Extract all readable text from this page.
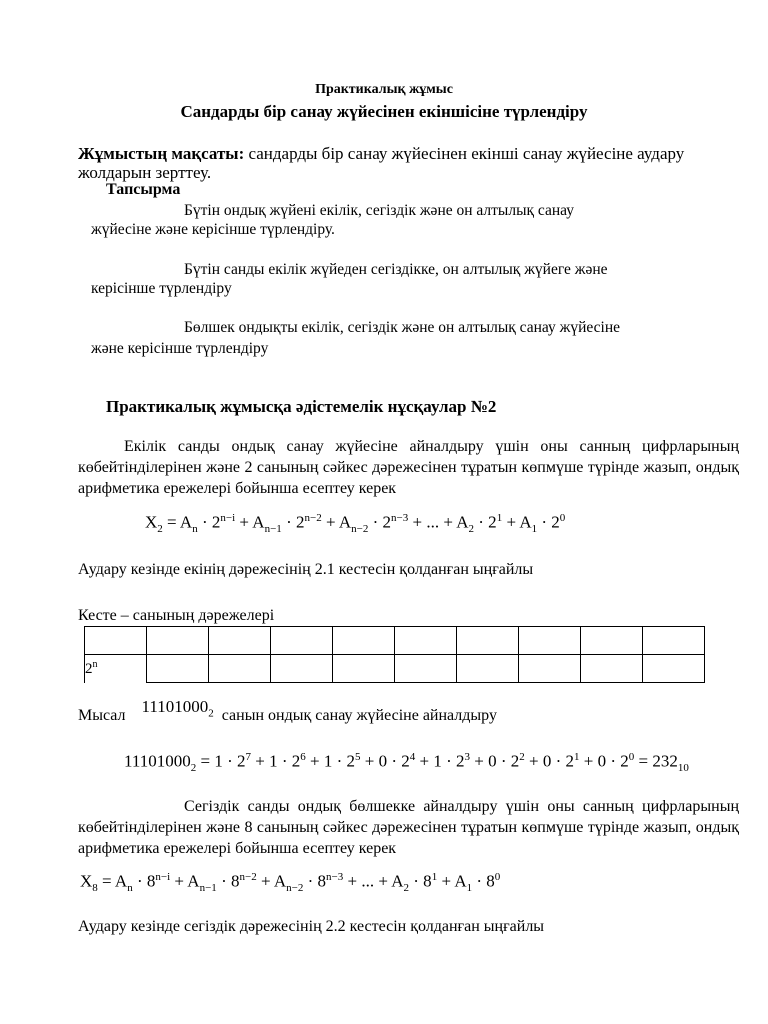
Практикалық жұмыс
Сандарды бір санау жүйесінен екіншісіне түрлендіру
Жұмыстың мақсаты: сандарды бір санау жүйесінен екінші санау жүйесіне аудару
жолдарын зерттеу.
Тапсырма
Бүтін ондық жүйені екілік, сегіздік және он алтылық санау
жүйесіне және керісінше түрлендіру.
Бүтін санды екілік жүйеден сегіздікке, он алтылық жүйеге және
керісінше түрлендіру
Бөлшек ондықты екілік, сегіздік және он алтылық санау жүйесіне
және керісінше түрлендіру
Практикалық жұмысқа әдістемелік нұсқаулар №2
Екілік санды ондық санау жүйесіне айналдыру үшін оны санның цифрларының көбейтінділерінен және 2 санының сәйкес дәрежесінен тұратын көпмүше түрінде жазып, ондық арифметика ережелері бойынша есептеу керек
$X_2 = A_n \cdot 2^{n-i} + A_{n-1} \cdot 2^{n-2} + A_{n-2} \cdot 2^{n-3}$ + ... + $A_2 \cdot 2^1 + A_1 \cdot 2^0$
Аудару кезінде екінің дәрежесінің 2.1 кестесін қолданған ыңғайлы
Кесте – санының дәрежелері

2$^n$									
Мысал $11101000_2$ санын ондық санау жүйесіне айналдыру
$11101000_2 = 1 \cdot 2^7 + 1 \cdot 2^6 + 1 \cdot 2^5 + 0 \cdot 2^4 + 1 \cdot 2^3 + 0 \cdot 2^2 + 0 \cdot 2^1 + 0 \cdot 2^0 = 232_{10}$
Сегіздік санды ондық бөлшекке айналдыру үшін оны санның цифрларының көбейтінділерінен және 8 санының сәйкес дәрежесінен тұратын көпмүше түрінде жазып, ондық арифметика ережелері бойынша есептеу керек
$X_8 = A_n \cdot 8^{n-i} + A_{n-1} \cdot 8^{n-2} + A_{n-2} \cdot 8^{n-3}$ + ... + $A_2 \cdot 8^1 + A_1 \cdot 8^0$
Аудару кезінде сегіздік дәрежесінің 2.2 кестесін қолданған ыңғайлы
